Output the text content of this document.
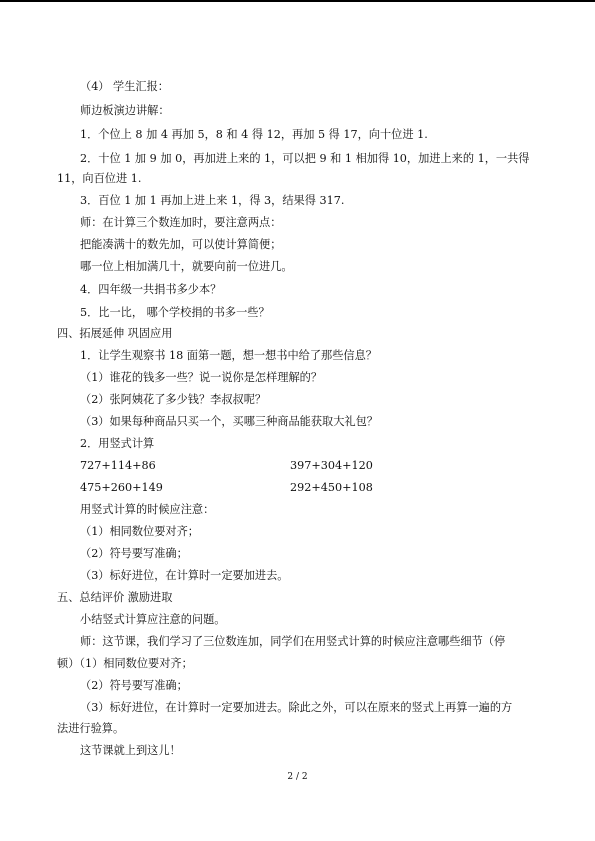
（4） 学生汇报：
师边板演边讲解：
1．个位上 8 加 4 再加 5，8 和 4 得 12，再加 5 得 17，向十位进 1.
2．十位 1 加 9 加 0，再加进上来的 1，可以把 9 和 1 相加得 10，加进上来的 1，一共得
11，向百位进 1.
3．百位 1 加 1 再加上进上来 1，得 3，结果得 317.
师：在计算三个数连加时，要注意两点：
把能凑满十的数先加，可以使计算简便；
哪一位上相加满几十，就要向前一位进几。
4．四年级一共捐书多少本？
5．比一比， 哪个学校捐的书多一些？
四、拓展延伸 巩固应用
1．让学生观察书 18 面第一题，想一想书中给了那些信息？
（1）谁花的钱多一些？说一说你是怎样理解的？
（2）张阿姨花了多少钱？李叔叔呢？
（3）如果每种商品只买一个，买哪三种商品能获取大礼包？
2．用竖式计算
727+114+86	397+304+120
475+260+149	292+450+108
用竖式计算的时候应注意：
（1）相同数位要对齐；
（2）符号要写准确；
（3）标好进位，在计算时一定要加进去。
五、总结评价 激励进取
小结竖式计算应注意的问题。
师：这节课，我们学习了三位数连加，同学们在用竖式计算的时候应注意哪些细节（停
顿）（1）相同数位要对齐；
（2）符号要写准确；
（3）标好进位，在计算时一定要加进去。除此之外，可以在原来的竖式上再算一遍的方
法进行验算。
这节课就上到这儿！
2 / 2
